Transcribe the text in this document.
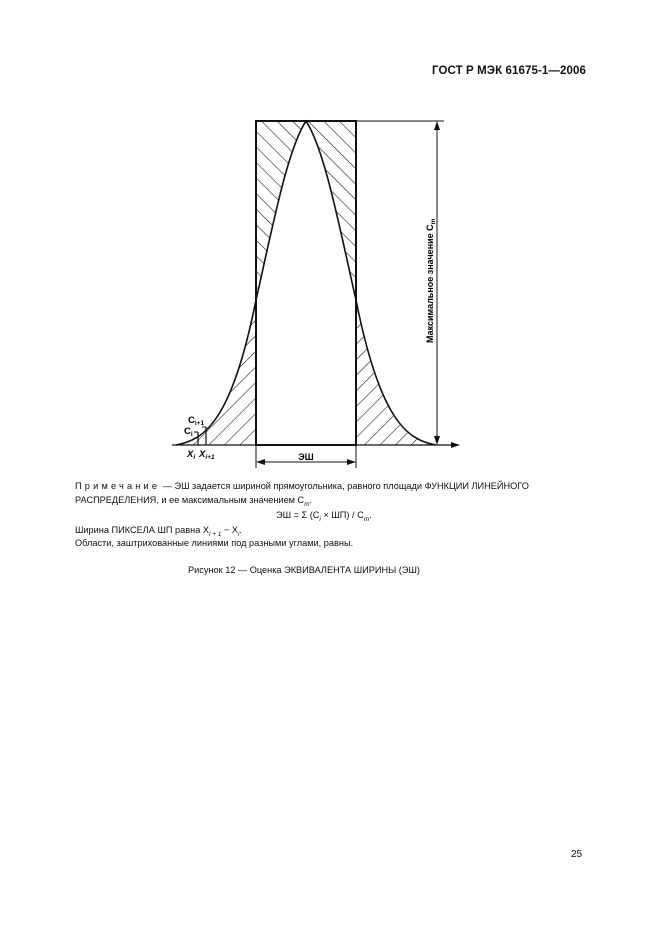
ГОСТ Р МЭК 61675-1—2006
ЭШ
$C_{i+1}$
$C_i$
$X_i$ $X_{i+1}$
Максимальное значение $C_m$
Примечание — ЭШ задается шириной прямоугольника, равного площади ФУНКЦИИ ЛИНЕЙНОГО
РАСПРЕДЕЛЕНИЯ, и ее максимальным значением $C_m$.
ЭШ = Σ $(C_i \times ШП) / C_m$.
Ширина ПИКСЕЛА ШП равна $X_{i + 1} - X_i$.
Области, заштрихованные линиями под разными углами, равны.
Рисунок 12 — Оценка ЭКВИВАЛЕНТА ШИРИНЫ (ЭШ)
25
